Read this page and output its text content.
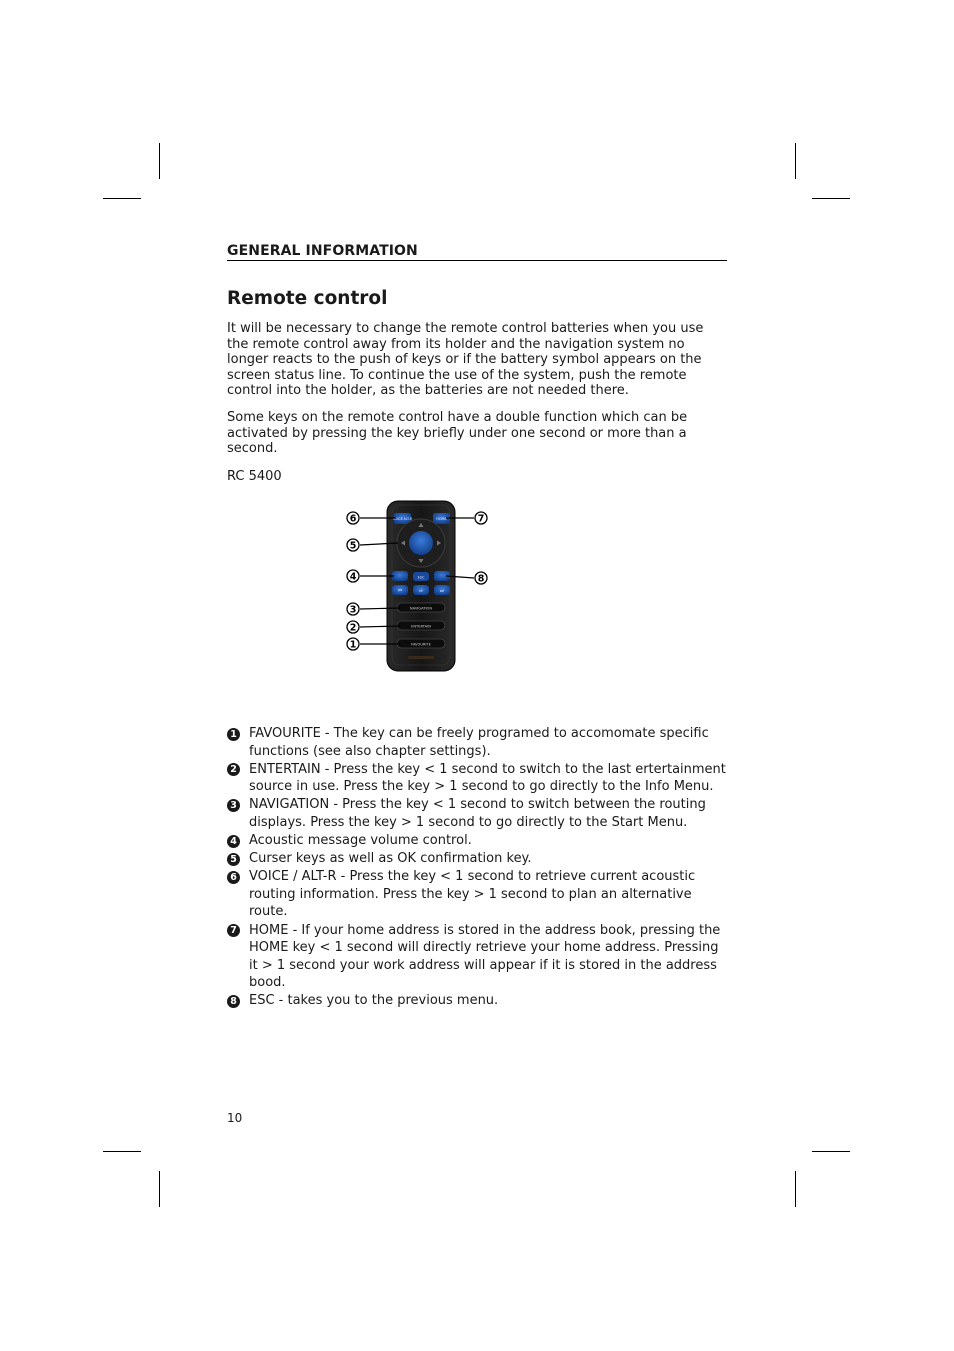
GENERAL INFORMATION
Remote control

It will be necessary to change the remote control batteries when you use the remote control away from its holder and the navigation system no longer reacts to the push of keys or if the battery symbol appears on the screen status line. To continue the use of the system, push the remote control into the holder, as the batteries are not needed there.

Some keys on the remote control have a double function which can be activated by pressing the key briefly under one second or more than a second.

RC 5400
VOICE ALT-R	HOME
ESC
⏮	⏯	⏭
NAVIGATION
ENTERTAIN
FAVOURITE
6	7
5
4	8
3
2
1
1 FAVOURITE - The key can be freely programed to accomomate specific functions (see also chapter settings).
2 ENTERTAIN - Press the key < 1 second to switch to the last ertertainment source in use. Press the key > 1 second to go directly to the Info Menu.
3 NAVIGATION - Press the key < 1 second to switch between the routing displays. Press the key > 1 second to go directly to the Start Menu.
4 Acoustic message volume control.
5 Curser keys as well as OK confirmation key.
6 VOICE / ALT-R - Press the key < 1 second to retrieve current acoustic routing information. Press the key > 1 second to plan an alternative route.
7 HOME - If your home address is stored in the address book, pressing the HOME key < 1 second will directly retrieve your home address. Pressing it > 1 second your work address will appear if it is stored in the address bood.
8 ESC - takes you to the previous menu.
10
